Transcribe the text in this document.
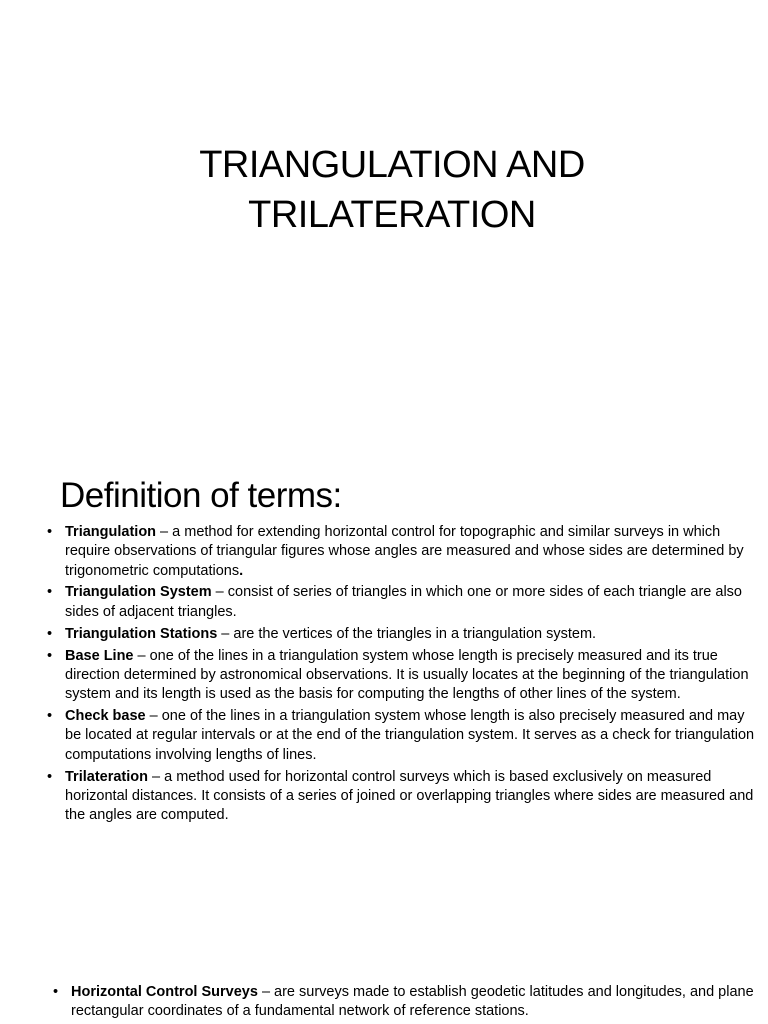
TRIANGULATION AND
TRILATERATION
Definition of terms:
• Triangulation – a method for extending horizontal control for topographic and similar surveys in which require observations of triangular figures whose angles are measured and whose sides are determined by trigonometric computations.
• Triangulation System – consist of series of triangles in which one or more sides of each triangle are also sides of adjacent triangles.
• Triangulation Stations – are the vertices of the triangles in a triangulation system.
• Base Line – one of the lines in a triangulation system whose length is precisely measured and its true direction determined by astronomical observations. It is usually locates at the beginning of the triangulation system and its length is used as the basis for computing the lengths of other lines of the system.
• Check base – one of the lines in a triangulation system whose length is also precisely measured and may be located at regular intervals or at the end of the triangulation system. It serves as a check for triangulation computations involving lengths of lines.
• Trilateration – a method used for horizontal control surveys which is based exclusively on measured horizontal distances. It consists of a series of joined or overlapping triangles where sides are measured and the angles are computed.
• Horizontal Control Surveys – are surveys made to establish geodetic latitudes and longitudes, and plane rectangular coordinates of a fundamental network of reference stations.
